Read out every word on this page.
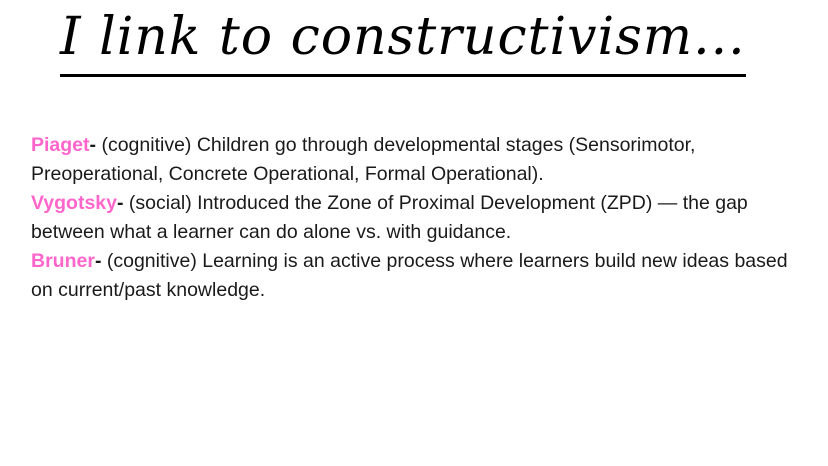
I link to constructivism...

Piaget- (cognitive) Children go through developmental stages (Sensorimotor, Preoperational, Concrete Operational, Formal Operational).

Vygotsky- (social) Introduced the Zone of Proximal Development (ZPD) — the gap between what a learner can do alone vs. with guidance.

Bruner- (cognitive) Learning is an active process where learners build new ideas based on current/past knowledge.
